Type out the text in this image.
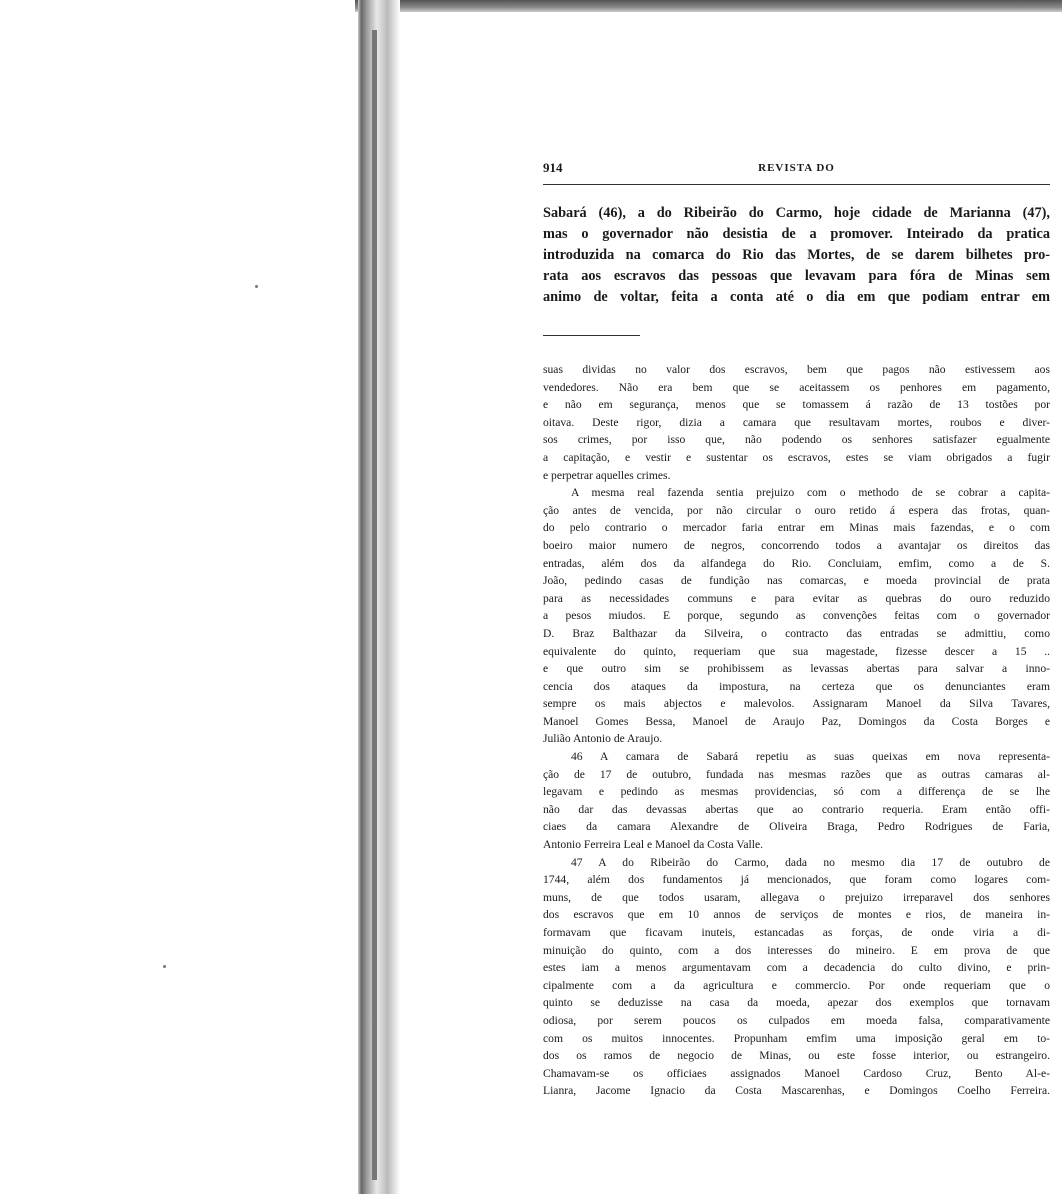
914	REVISTA DO
Sabará (46), a do Ribeirão do Carmo, hoje cidade de Marianna (47),
mas o governador não desistia de a promover. Inteirado da pratica
introduzida na comarca do Rio das Mortes, de se darem bilhetes pro-
rata aos escravos das pessoas que levavam para fóra de Minas sem
animo de voltar, feita a conta até o dia em que podiam entrar em
suas dividas no valor dos escravos, bem que pagos não estivessem aos
vendedores. Não era bem que se aceitassem os penhores em pagamento,
e não em segurança, menos que se tomassem á razão de 13 tostões por
oitava. Deste rigor, dizia a camara que resultavam mortes, roubos e diver-
sos crimes, por isso que, não podendo os senhores satisfazer egualmente
a capitação, e vestir e sustentar os escravos, estes se viam obrigados a fugir
e perpetrar aquelles crimes.
A mesma real fazenda sentia prejuizo com o methodo de se cobrar a capita-
ção antes de vencida, por não circular o ouro retido á espera das frotas, quan-
do pelo contrario o mercador faria entrar em Minas mais fazendas, e o com
boeiro maior numero de negros, concorrendo todos a avantajar os direitos das
entradas, além dos da alfandega do Rio. Concluiam, emfim, como a de S.
João, pedindo casas de fundição nas comarcas, e moeda provincial de prata
para as necessidades communs e para evitar as quebras do ouro reduzido
a pesos miudos. E porque, segundo as convenções feitas com o governador
D. Braz Balthazar da Silveira, o contracto das entradas se admittiu, como
equivalente do quinto, requeriam que sua magestade, fizesse descer a 15 ..
e que outro sim se prohibissem as levassas abertas para salvar a inno-
cencia dos ataques da impostura, na certeza que os denunciantes eram
sempre os mais abjectos e malevolos. Assignaram Manoel da Silva Tavares,
Manoel Gomes Bessa, Manoel de Araujo Paz, Domingos da Costa Borges e
Julião Antonio de Araujo.
46 A camara de Sabará repetiu as suas queixas em nova representa-
ção de 17 de outubro, fundada nas mesmas razões que as outras camaras al-
legavam e pedindo as mesmas providencias, só com a differença de se lhe
não dar das devassas abertas que ao contrario requeria. Eram então offi-
ciaes da camara Alexandre de Oliveira Braga, Pedro Rodrigues de Faria,
Antonio Ferreira Leal e Manoel da Costa Valle.
47 A do Ribeirão do Carmo, dada no mesmo dia 17 de outubro de
1744, além dos fundamentos já mencionados, que foram como logares com-
muns, de que todos usaram, allegava o prejuizo irreparavel dos senhores
dos escravos que em 10 annos de serviços de montes e rios, de maneira in-
formavam que ficavam inuteis, estancadas as forças, de onde viria a di-
minuição do quinto, com a dos interesses do mineiro. E em prova de que
estes iam a menos argumentavam com a decadencia do culto divino, e prin-
cipalmente com a da agricultura e commercio. Por onde requeriam que o
quinto se deduzisse na casa da moeda, apezar dos exemplos que tornavam
odiosa, por serem poucos os culpados em moeda falsa, comparativamente
com os muitos innocentes. Propunham emfim uma imposição geral em to-
dos os ramos de negocio de Minas, ou este fosse interior, ou estrangeiro.
Chamavam-se os officiaes assignados Manoel Cardoso Cruz, Bento Al-e-
Lianra, Jacome Ignacio da Costa Mascarenhas, e Domingos Coelho Ferreira.
